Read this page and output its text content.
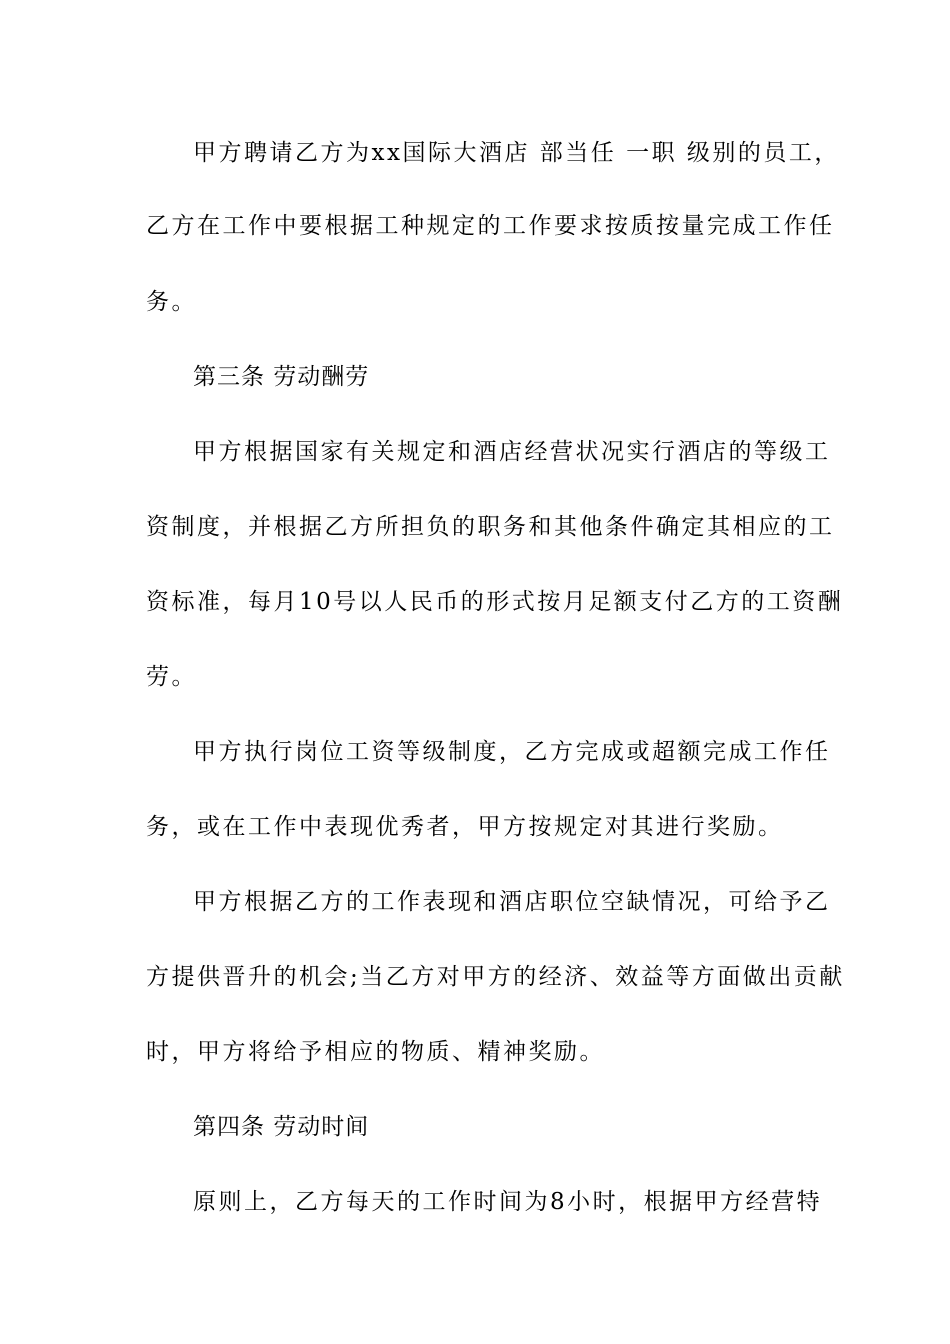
甲方聘请乙方为xx国际大酒店 部当任 一职 级别的员工，

乙方在工作中要根据工种规定的工作要求按质按量完成工作任

务。

第三条 劳动酬劳

甲方根据国家有关规定和酒店经营状况实行酒店的等级工

资制度，并根据乙方所担负的职务和其他条件确定其相应的工

资标准，每月10号以人民币的形式按月足额支付乙方的工资酬

劳。

甲方执行岗位工资等级制度，乙方完成或超额完成工作任

务，或在工作中表现优秀者，甲方按规定对其进行奖励。

甲方根据乙方的工作表现和酒店职位空缺情况，可给予乙

方提供晋升的机会;当乙方对甲方的经济、效益等方面做出贡献

时，甲方将给予相应的物质、精神奖励。

第四条 劳动时间

原则上，乙方每天的工作时间为8小时，根据甲方经营特
